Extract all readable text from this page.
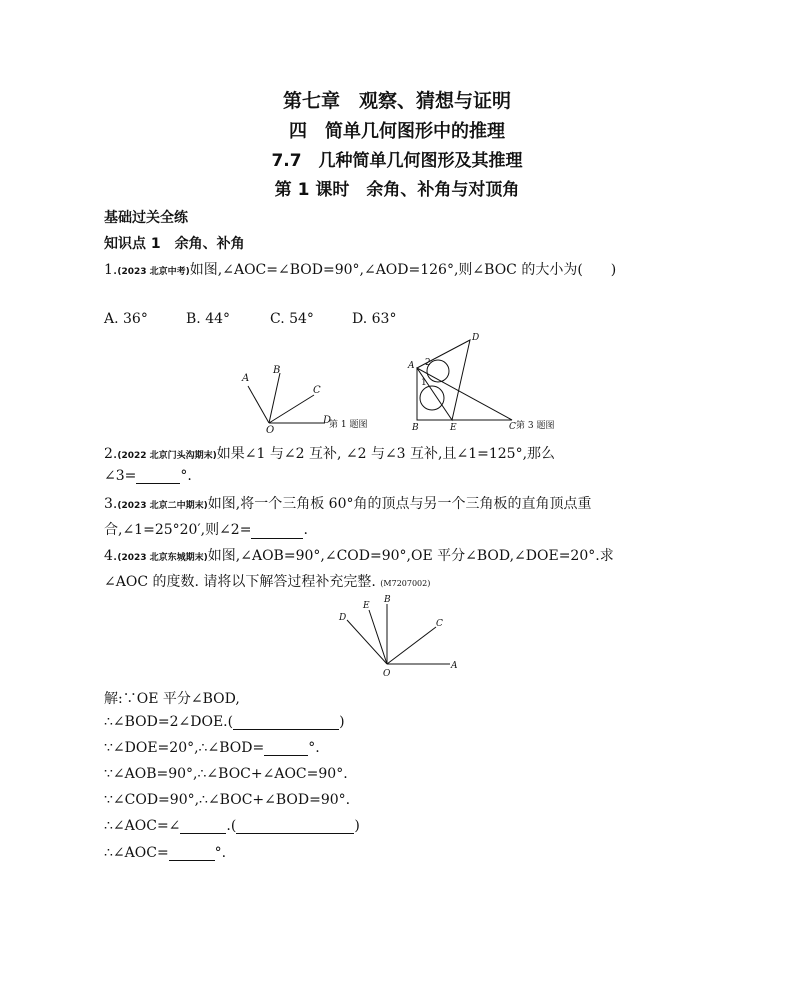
第七章　观察、猜想与证明
四　简单几何图形中的推理
7.7　几种简单几何图形及其推理
第 1 课时　余角、补角与对顶角
基础过关全练
知识点 1　余角、补角
1.(2023 北京中考)如图,∠AOC=∠BOD=90°,∠AOD=126°,则∠BOC 的大小为(　　)
A. 36°	B. 44°	C. 54°	D. 63°
A
B
C
D
O	第 1 题图
D
A 2
1
B	E	C 第 3 题图
2.(2022 北京门头沟期末)如果∠1 与∠2 互补, ∠2 与∠3 互补,且∠1=125°,那么
∠3=	°.
3.(2023 北京二中期末)如图,将一个三角板 60°角的顶点与另一个三角板的直角顶点重
合,∠1=25°20′,则∠2=	.
4.(2023 北京东城期末)如图,∠AOB=90°,∠COD=90°,OE 平分∠BOD,∠DOE=20°.求
∠AOC 的度数. 请将以下解答过程补充完整. (M7207002)
D
E
B
C
A
O
解:∵OE 平分∠BOD,
∴∠BOD=2∠DOE.(	)
∵∠DOE=20°,∴∠BOD=	°.
∵∠AOB=90°,∴∠BOC+∠AOC=90°.
∵∠COD=90°,∴∠BOC+∠BOD=90°.
∴∠AOC=∠	.(	)
∴∠AOC=	°.
